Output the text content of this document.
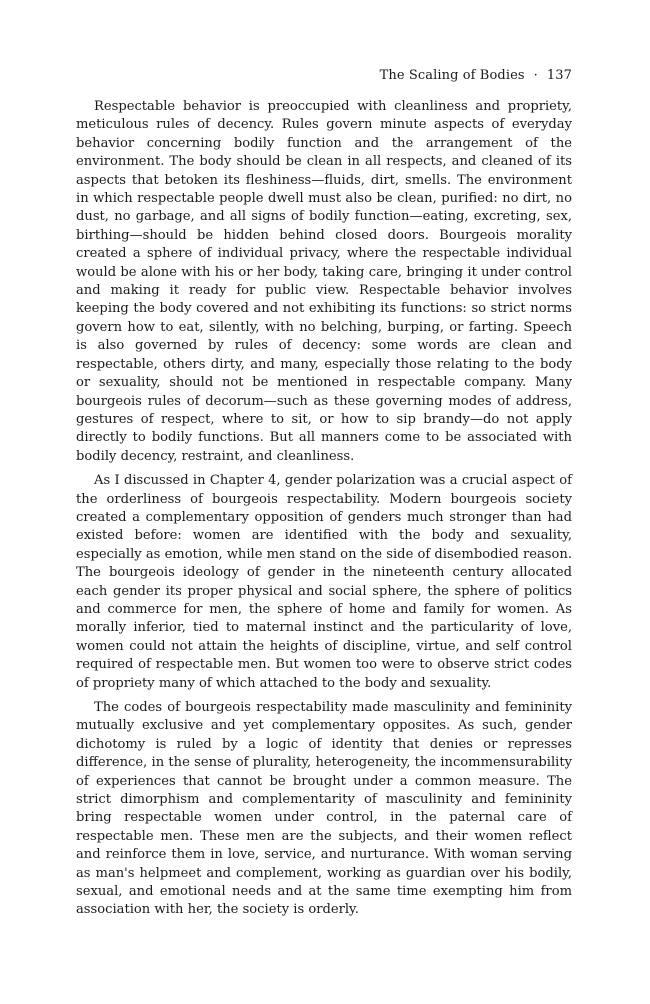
The Scaling of Bodies · 137

Respectable behavior is preoccupied with cleanliness and propriety, meticulous rules of decency. Rules govern minute aspects of everyday behavior concerning bodily function and the arrangement of the environment. The body should be clean in all respects, and cleaned of its aspects that betoken its fleshiness—fluids, dirt, smells. The environment in which respectable people dwell must also be clean, purified: no dirt, no dust, no garbage, and all signs of bodily function—eating, excreting, sex, birthing—should be hidden behind closed doors. Bourgeois morality created a sphere of individual privacy, where the respectable individual would be alone with his or her body, taking care, bringing it under control and making it ready for public view. Respectable behavior involves keeping the body covered and not exhibiting its functions: so strict norms govern how to eat, silently, with no belching, burping, or farting. Speech is also governed by rules of decency: some words are clean and respectable, others dirty, and many, especially those relating to the body or sexuality, should not be mentioned in respectable company. Many bourgeois rules of decorum—such as these governing modes of address, gestures of respect, where to sit, or how to sip brandy—do not apply directly to bodily functions. But all manners come to be associated with bodily decency, restraint, and cleanliness.

As I discussed in Chapter 4, gender polarization was a crucial aspect of the orderliness of bourgeois respectability. Modern bourgeois society created a complementary opposition of genders much stronger than had existed before: women are identified with the body and sexuality, especially as emotion, while men stand on the side of disembodied reason. The bourgeois ideology of gender in the nineteenth century allocated each gender its proper physical and social sphere, the sphere of politics and commerce for men, the sphere of home and family for women. As morally inferior, tied to maternal instinct and the particularity of love, women could not attain the heights of discipline, virtue, and self control required of respectable men. But women too were to observe strict codes of propriety many of which attached to the body and sexuality.

The codes of bourgeois respectability made masculinity and femininity mutually exclusive and yet complementary opposites. As such, gender dichotomy is ruled by a logic of identity that denies or represses difference, in the sense of plurality, heterogeneity, the incommensurability of experiences that cannot be brought under a common measure. The strict dimorphism and complementarity of masculinity and femininity bring respectable women under control, in the paternal care of respectable men. These men are the subjects, and their women reflect and reinforce them in love, service, and nurturance. With woman serving as man's helpmeet and complement, working as guardian over his bodily, sexual, and emotional needs and at the same time exempting him from association with her, the society is orderly.
